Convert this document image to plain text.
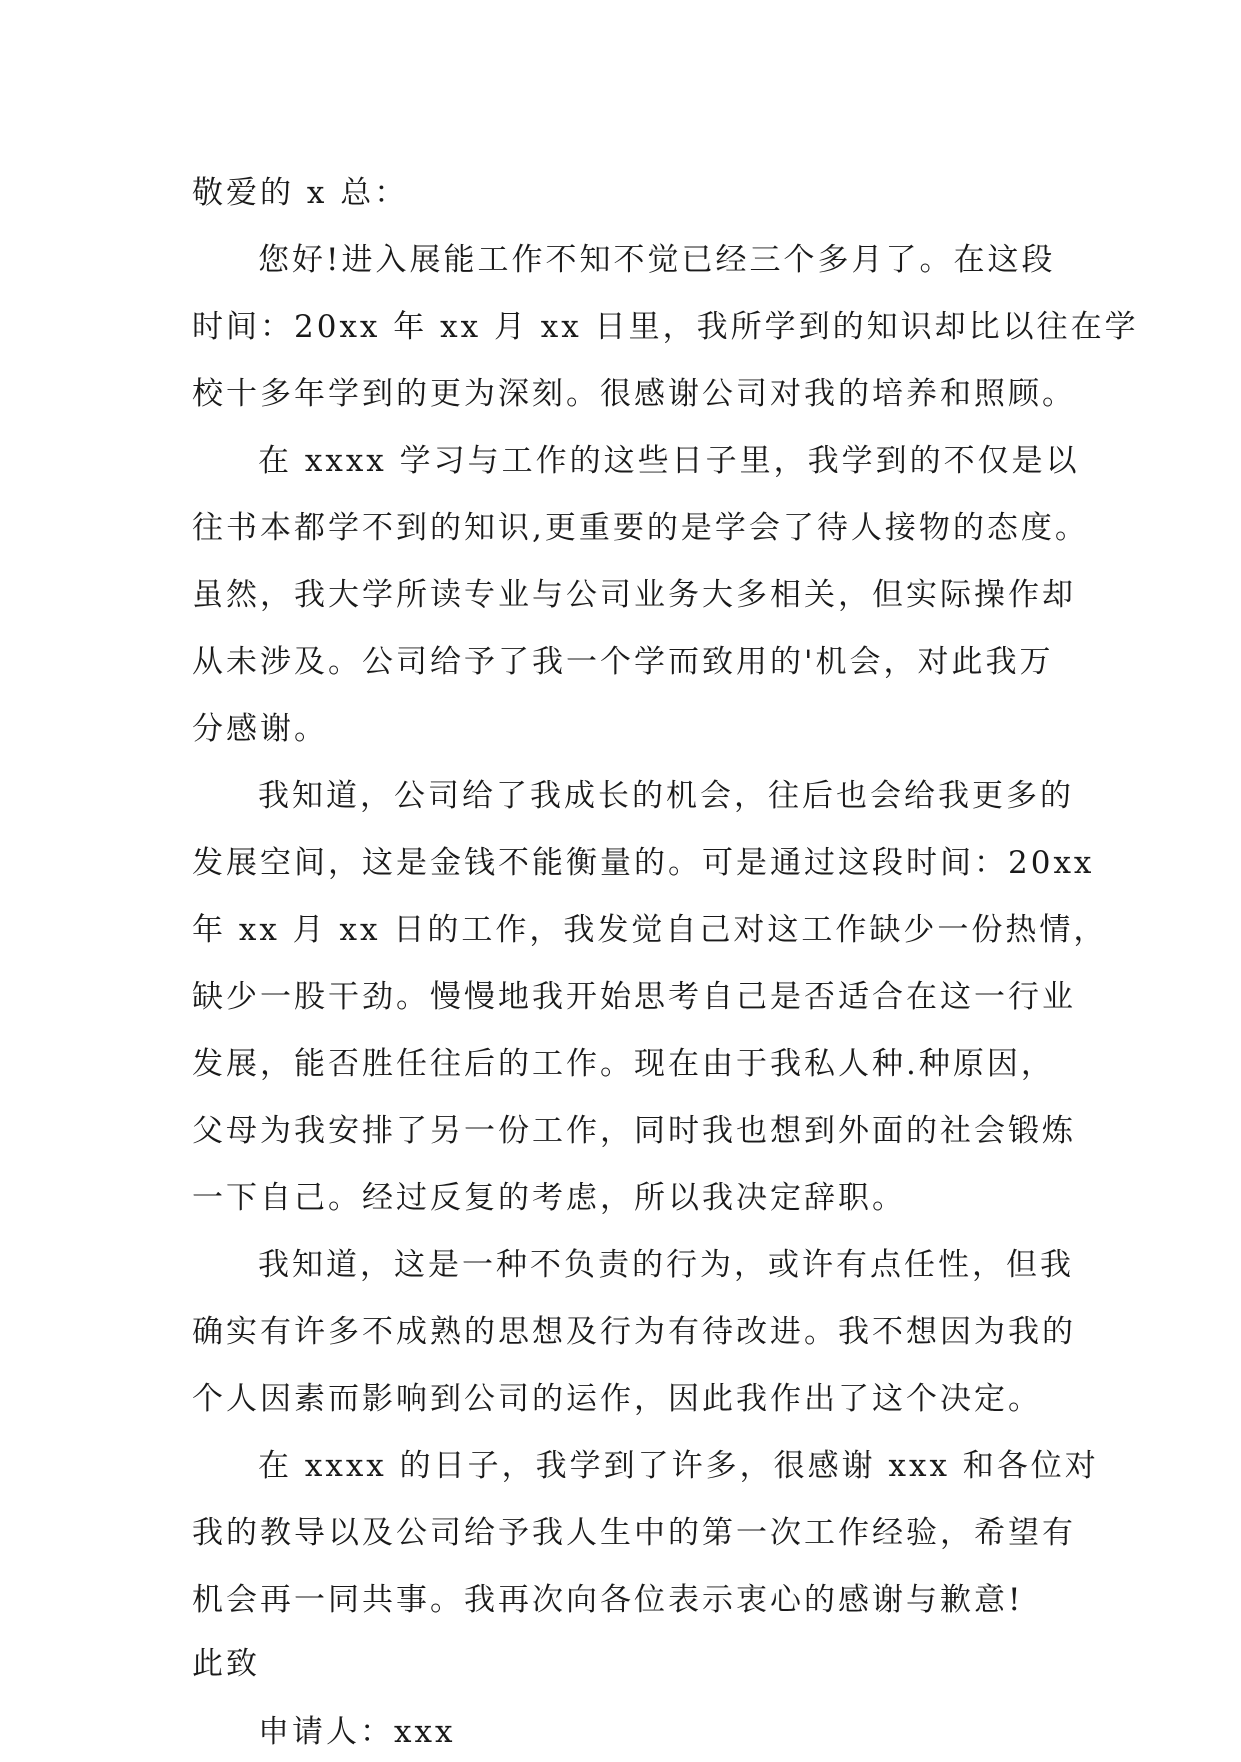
敬爱的 x 总：
您好!进入展能工作不知不觉已经三个多月了。在这段
时间：20xx 年 xx 月 xx 日里，我所学到的知识却比以往在学
校十多年学到的更为深刻。很感谢公司对我的培养和照顾。
在 xxxx 学习与工作的这些日子里，我学到的不仅是以
往书本都学不到的知识,更重要的是学会了待人接物的态度。
虽然，我大学所读专业与公司业务大多相关，但实际操作却
从未涉及。公司给予了我一个学而致用的'机会，对此我万
分感谢。
我知道，公司给了我成长的机会，往后也会给我更多的
发展空间，这是金钱不能衡量的。可是通过这段时间：20xx
年 xx 月 xx 日的工作，我发觉自己对这工作缺少一份热情，
缺少一股干劲。慢慢地我开始思考自己是否适合在这一行业
发展，能否胜任往后的工作。现在由于我私人种.种原因，
父母为我安排了另一份工作，同时我也想到外面的社会锻炼
一下自己。经过反复的考虑，所以我决定辞职。
我知道，这是一种不负责的行为，或许有点任性，但我
确实有许多不成熟的思想及行为有待改进。我不想因为我的
个人因素而影响到公司的运作，因此我作出了这个决定。
在 xxxx 的日子，我学到了许多，很感谢 xxx 和各位对
我的教导以及公司给予我人生中的第一次工作经验，希望有
机会再一同共事。我再次向各位表示衷心的感谢与歉意!
此致
申请人：xxx
